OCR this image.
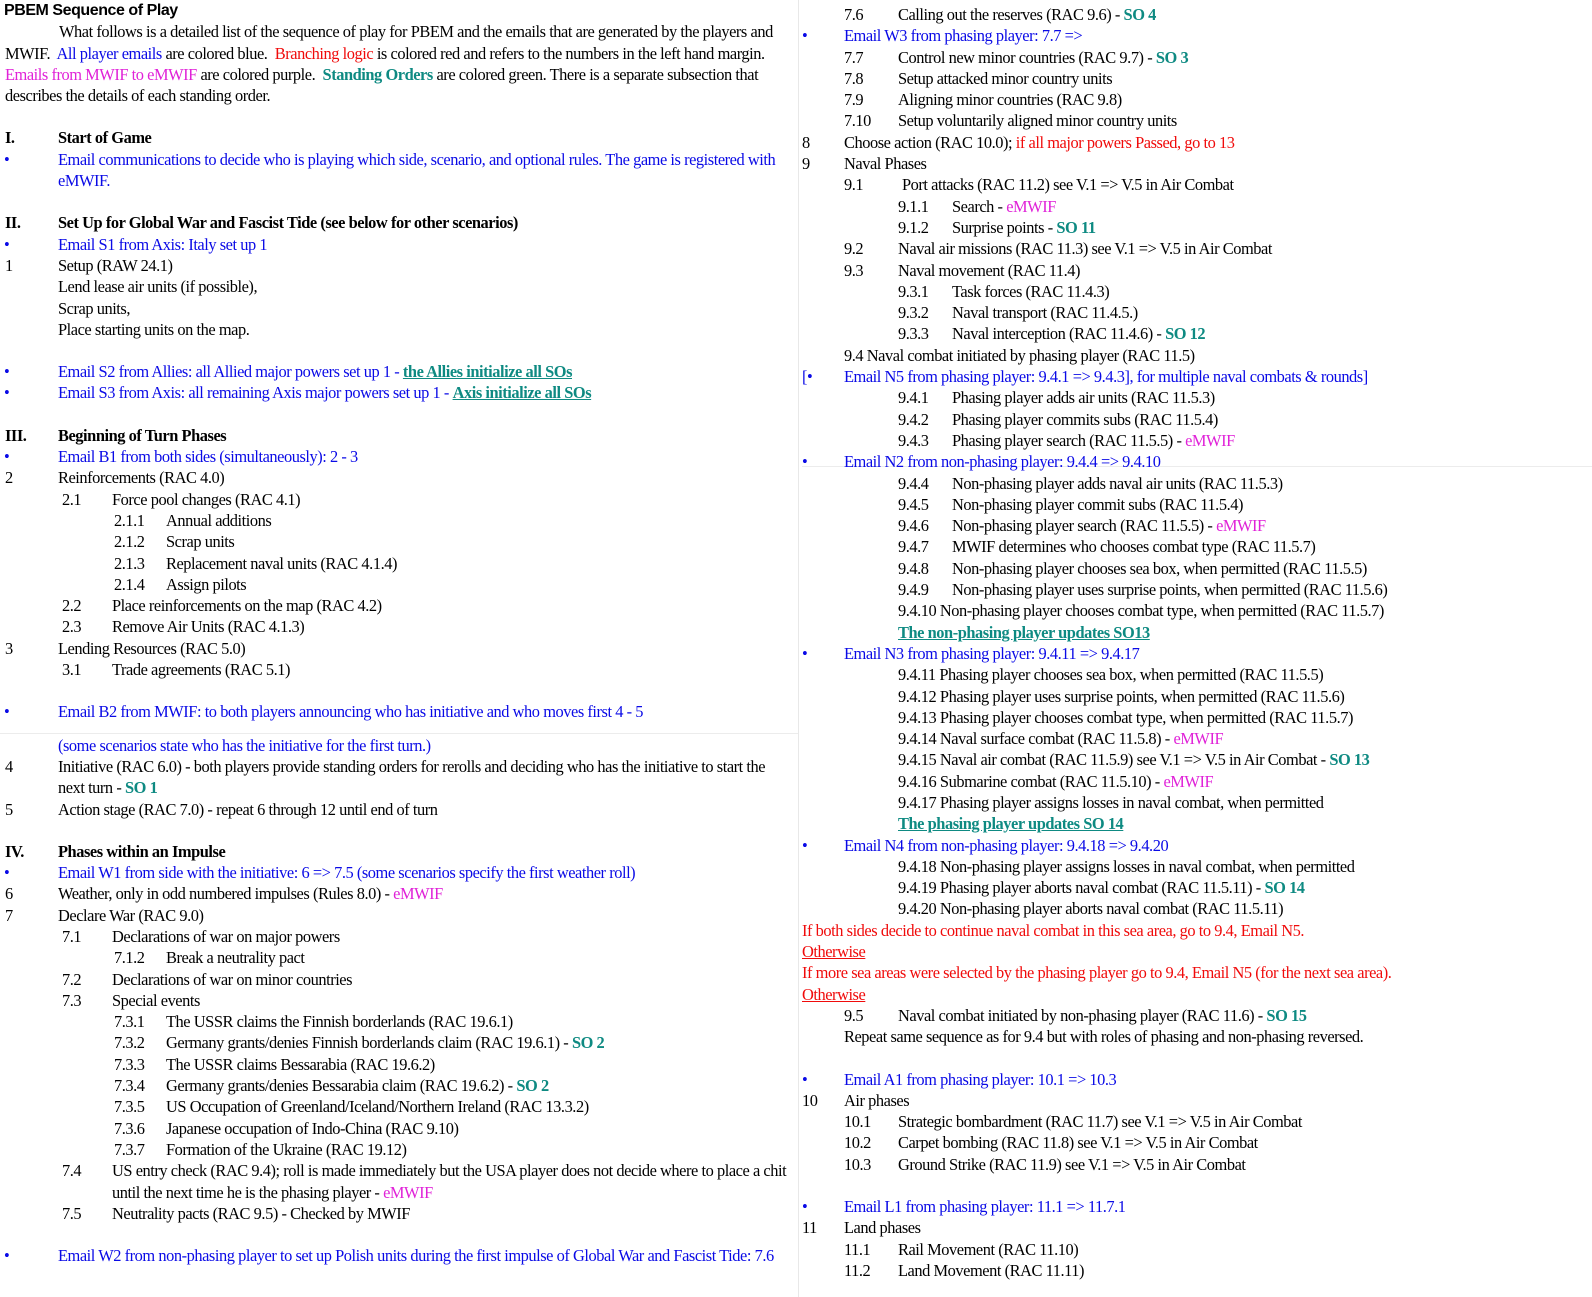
PBEM Sequence of Play
What follows is a detailed list of the sequence of play for PBEM and the emails that are generated by the players and MWIF. All player emails are colored blue. Branching logic is colored red and refers to the numbers in the left hand margin.  Emails from MWIF to eMWIF are colored purple. Standing Orders are colored green. There is a separate subsection that describes the details of each standing order.
I.	Start of Game
•	Email communications to decide who is playing which side, scenario, and optional rules. The game is registered with eMWIF.
II. Set Up for Global War and Fascist Tide (see below for other scenarios)
•	Email S1 from Axis: Italy set up 1
1	Setup (RAW 24.1)
Lend lease air units (if possible),
Scrap units,
Place starting units on the map.
•	Email S2 from Allies: all Allied major powers set up 1 - the Allies initialize all SOs
•	Email S3 from Axis: all remaining Axis major powers set up 1 - Axis initialize all SOs
III. Beginning of Turn Phases
•	Email B1 from both sides (simultaneously): 2 - 3
2	Reinforcements (RAC 4.0)
2.1 Force pool changes (RAC 4.1)
2.1.1 Annual additions
2.1.2 Scrap units
2.1.3 Replacement naval units (RAC 4.1.4)
2.1.4 Assign pilots
2.2 Place reinforcements on the map (RAC 4.2)
2.3 Remove Air Units (RAC 4.1.3)
3	Lending Resources (RAC 5.0)
3.1 Trade agreements (RAC 5.1)
•	Email B2 from MWIF: to both players announcing who has initiative and who moves first 4 - 5
(some scenarios state who has the initiative for the first turn.)
4	Initiative (RAC 6.0) - both players provide standing orders for rerolls and deciding who has the initiative to start the next turn - SO 1
5	Action stage (RAC 7.0) - repeat 6 through 12 until end of turn
IV. Phases within an Impulse
•	Email W1 from side with the initiative: 6 => 7.5 (some scenarios specify the first weather roll)
6	Weather, only in odd numbered impulses (Rules 8.0) - eMWIF
7	Declare War (RAC 9.0)
7.1 Declarations of war on major powers
7.1.2 Break a neutrality pact
7.2 Declarations of war on minor countries
7.3 Special events
7.3.1 The USSR claims the Finnish borderlands (RAC 19.6.1)
7.3.2 Germany grants/denies Finnish borderlands claim (RAC 19.6.1) - SO 2
7.3.3 The USSR claims Bessarabia (RAC 19.6.2)
7.3.4 Germany grants/denies Bessarabia claim (RAC 19.6.2) - SO 2
7.3.5 US Occupation of Greenland/Iceland/Northern Ireland (RAC 13.3.2)
7.3.6 Japanese occupation of Indo-China (RAC 9.10)
7.3.7 Formation of the Ukraine (RAC 19.12)
7.4 US entry check (RAC 9.4); roll is made immediately but the USA player does not decide where to place a chit until the next time he is the phasing player - eMWIF
7.5 Neutrality pacts (RAC 9.5) - Checked by MWIF
•	Email W2 from non-phasing player to set up Polish units during the first impulse of Global War and Fascist Tide: 7.6
7.6 Calling out the reserves (RAC 9.6) - SO 4
• Email W3 from phasing player: 7.7 =>
7.7 Control new minor countries (RAC 9.7) - SO 3
7.8 Setup attacked minor country units
7.9 Aligning minor countries (RAC 9.8)
7.10 Setup voluntarily aligned minor country units
8 Choose action (RAC 10.0); if all major powers Passed, go to 13
9 Naval Phases
9.1 Port attacks (RAC 11.2) see V.1 => V.5 in Air Combat
9.1.1 Search - eMWIF
9.1.2 Surprise points - SO 11
9.2 Naval air missions (RAC 11.3) see V.1 => V.5 in Air Combat
9.3 Naval movement (RAC 11.4)
9.3.1 Task forces (RAC 11.4.3)
9.3.2 Naval transport (RAC 11.4.5.)
9.3.3 Naval interception (RAC 11.4.6) - SO 12
9.4 Naval combat initiated by phasing player (RAC 11.5)
[• Email N5 from phasing player: 9.4.1 => 9.4.3], for multiple naval combats & rounds]
9.4.1 Phasing player adds air units (RAC 11.5.3)
9.4.2 Phasing player commits subs (RAC 11.5.4)
9.4.3 Phasing player search (RAC 11.5.5) - eMWIF
• Email N2 from non-phasing player: 9.4.4 => 9.4.10
9.4.4 Non-phasing player adds naval air units (RAC 11.5.3)
9.4.5 Non-phasing player commit subs (RAC 11.5.4)
9.4.6 Non-phasing player search (RAC 11.5.5) - eMWIF
9.4.7 MWIF determines who chooses combat type (RAC 11.5.7)
9.4.8 Non-phasing player chooses sea box, when permitted (RAC 11.5.5)
9.4.9 Non-phasing player uses surprise points, when permitted (RAC 11.5.6)
9.4.10 Non-phasing player chooses combat type, when permitted (RAC 11.5.7)
The non-phasing player updates SO13
• Email N3 from phasing player: 9.4.11 => 9.4.17
9.4.11 Phasing player chooses sea box, when permitted (RAC 11.5.5)
9.4.12 Phasing player uses surprise points, when permitted (RAC 11.5.6)
9.4.13 Phasing player chooses combat type, when permitted (RAC 11.5.7)
9.4.14 Naval surface combat (RAC 11.5.8) - eMWIF
9.4.15 Naval air combat (RAC 11.5.9) see V.1 => V.5 in Air Combat - SO 13
9.4.16 Submarine combat (RAC 11.5.10) - eMWIF
9.4.17 Phasing player assigns losses in naval combat, when permitted
The phasing player updates SO 14
• Email N4 from non-phasing player: 9.4.18 => 9.4.20
9.4.18 Non-phasing player assigns losses in naval combat, when permitted
9.4.19 Phasing player aborts naval combat (RAC 11.5.11) - SO 14
9.4.20 Non-phasing player aborts naval combat (RAC 11.5.11)
If both sides decide to continue naval combat in this sea area, go to 9.4, Email N5.
Otherwise
If more sea areas were selected by the phasing player go to 9.4, Email N5 (for the next sea area).
Otherwise
9.5 Naval combat initiated by non-phasing player (RAC 11.6) - SO 15
Repeat same sequence as for 9.4 but with roles of phasing and non-phasing reversed.
• Email A1 from phasing player: 10.1 => 10.3
10 Air phases
10.1 Strategic bombardment (RAC 11.7) see V.1 => V.5 in Air Combat
10.2 Carpet bombing (RAC 11.8) see V.1 => V.5 in Air Combat
10.3 Ground Strike (RAC 11.9) see V.1 => V.5 in Air Combat
• Email L1 from phasing player: 11.1 => 11.7.1
11 Land phases
11.1 Rail Movement (RAC 11.10)
11.2 Land Movement (RAC 11.11)
